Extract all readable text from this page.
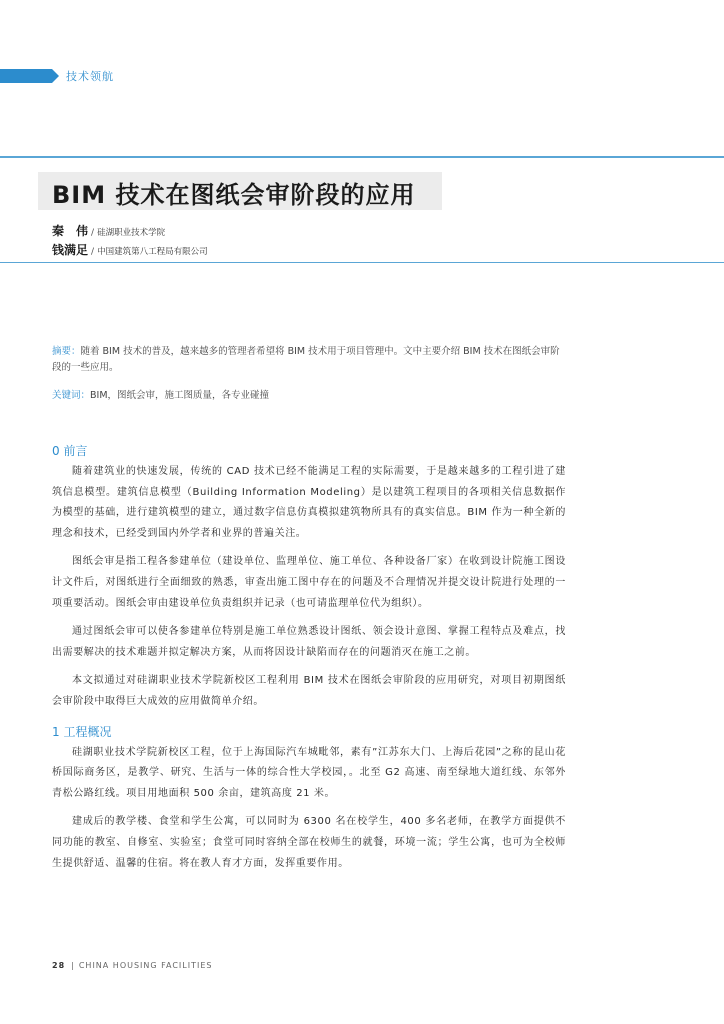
技术领航
BIM 技术在图纸会审阶段的应用
秦　伟 / 硅湖职业技术学院
钱满足 / 中国建筑第八工程局有限公司
摘要：随着 BIM 技术的普及，越来越多的管理者希望将 BIM 技术用于项目管理中。文中主要介绍 BIM 技术在图纸会审阶段的一些应用。
关键词：BIM，图纸会审，施工图质量，各专业碰撞
0 前言

随着建筑业的快速发展，传统的 CAD 技术已经不能满足工程的实际需要，于是越来越多的工程引进了建筑信息模型。建筑信息模型（Building Information Modeling）是以建筑工程项目的各项相关信息数据作为模型的基础，进行建筑模型的建立，通过数字信息仿真模拟建筑物所具有的真实信息。BIM 作为一种全新的理念和技术，已经受到国内外学者和业界的普遍关注。

图纸会审是指工程各参建单位（建设单位、监理单位、施工单位、各种设备厂家）在收到设计院施工图设计文件后，对图纸进行全面细致的熟悉，审查出施工图中存在的问题及不合理情况并提交设计院进行处理的一项重要活动。图纸会审由建设单位负责组织并记录（也可请监理单位代为组织）。

通过图纸会审可以使各参建单位特别是施工单位熟悉设计图纸、领会设计意图、掌握工程特点及难点，找出需要解决的技术难题并拟定解决方案，从而将因设计缺陷而存在的问题消灭在施工之前。

本文拟通过对硅湖职业技术学院新校区工程利用 BIM 技术在图纸会审阶段的应用研究，对项目初期图纸会审阶段中取得巨大成效的应用做简单介绍。

1 工程概况

硅湖职业技术学院新校区工程，位于上海国际汽车城毗邻，素有”江苏东大门、上海后花园”之称的昆山花桥国际商务区，是教学、研究、生活与一体的综合性大学校园，。北至 G2 高速、南至绿地大道红线、东邻外青松公路红线。项目用地面积 500 余亩，建筑高度 21 米。

建成后的教学楼、食堂和学生公寓，可以同时为 6300 名在校学生，400 多名老师，在教学方面提供不同功能的教室、自修室、实验室；食堂可同时容纳全部在校师生的就餐，环境一流；学生公寓，也可为全校师生提供舒适、温馨的住宿。将在教人育才方面，发挥重要作用。

28 | CHINA HOUSING FACILITIES
